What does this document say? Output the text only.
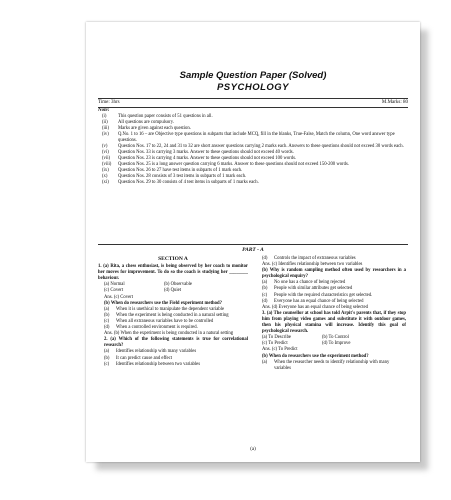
Sample Question Paper (Solved)
PSYCHOLOGY
Time: 3hrs	M.Marks: 80
Note:
(i)	This question paper consists of 51 questions in all.
(ii)	All questions are compulsory.
(iii)	Marks are given against each question.
(iv)	Q.No. 1 to 16 – are Objective type questions in subparts that include MCQ, fill in the blanks, True-False, Match the column, One word answer type questions.
(v)	Question Nos. 17 to 22, 24 and 31 to 32 are short answer questions carrying 2 marks each. Answers to these questions should not exceed 30 words each.
(vi)	Question Nos. 33 is carrying 3 marks. Answer to these questions should not exceed 40 words.
(vii)	Question Nos. 23 is carrying 4 marks. Answer to these questions should not exceed 100 words.
(viii)	Question Nos. 25 is a long answer question carrying 6 marks. Answer to these questions should not exceed 150-200 words.
(ix)	Question Nos. 26 to 27 have test items in subparts of 1 mark each.
(x)	Question Nos. 28 consists of 3 test items in subparts of 1 mark each.
(xi)	Question Nos. 29 to 30 consists of 4 test items in subparts of 1 marks each.
PART - A
SECTION A
1. (a) Rita, a chess enthusiast, is being observed by her coach to monitor her moves for improvement. To do so the coach is studying her ________ behaviour.
(a) Normal	(b) Observable
(c) Covert	(d) Quiet
Ans. (c) Covert
(b) When do researchers use the Field experiment method?
(a)	When it is unethical to manipulate the dependent variable
(b)	When the experiment is being conducted in a natural setting
(c)	When all extraneous variables have to be controlled
(d)	When a controlled environment is required.
Ans. (b) When the experiment is being conducted in a natural setting
2. (a) Which of the following statements is true for correlational research?
(a)	Identifies relationship with many variables
(b)	It can predict cause and effect
(c)	Identifies relationship between two variables
(d)	Controls the impact of extraneous variables
Ans. (c) Identifies relationship between two variables
(b) Why is random sampling method often used by researchers in a psychological enquiry?
(a)	No one has a chance of being rejected
(b)	People with similar attributes get selected
(c)	People with the required characteristics get selected.
(d)	Everyone has an equal chance of being selected
Ans. (d) Everyone has an equal chance of being selected
3. (a) The counsellor at school has told Arpit's parents that, if they stop him from playing video games and substitute it with outdoor games, then his physical stamina will increase. Identify this goal of psychological research.
(a) To Describe	(b) To Control
(c) To Predict	(d) To Improve
Ans. (c) To Predict
(b) When do researchers use the experiment method?
(a)	When the researcher needs to identify relationship with many variables
(a)
